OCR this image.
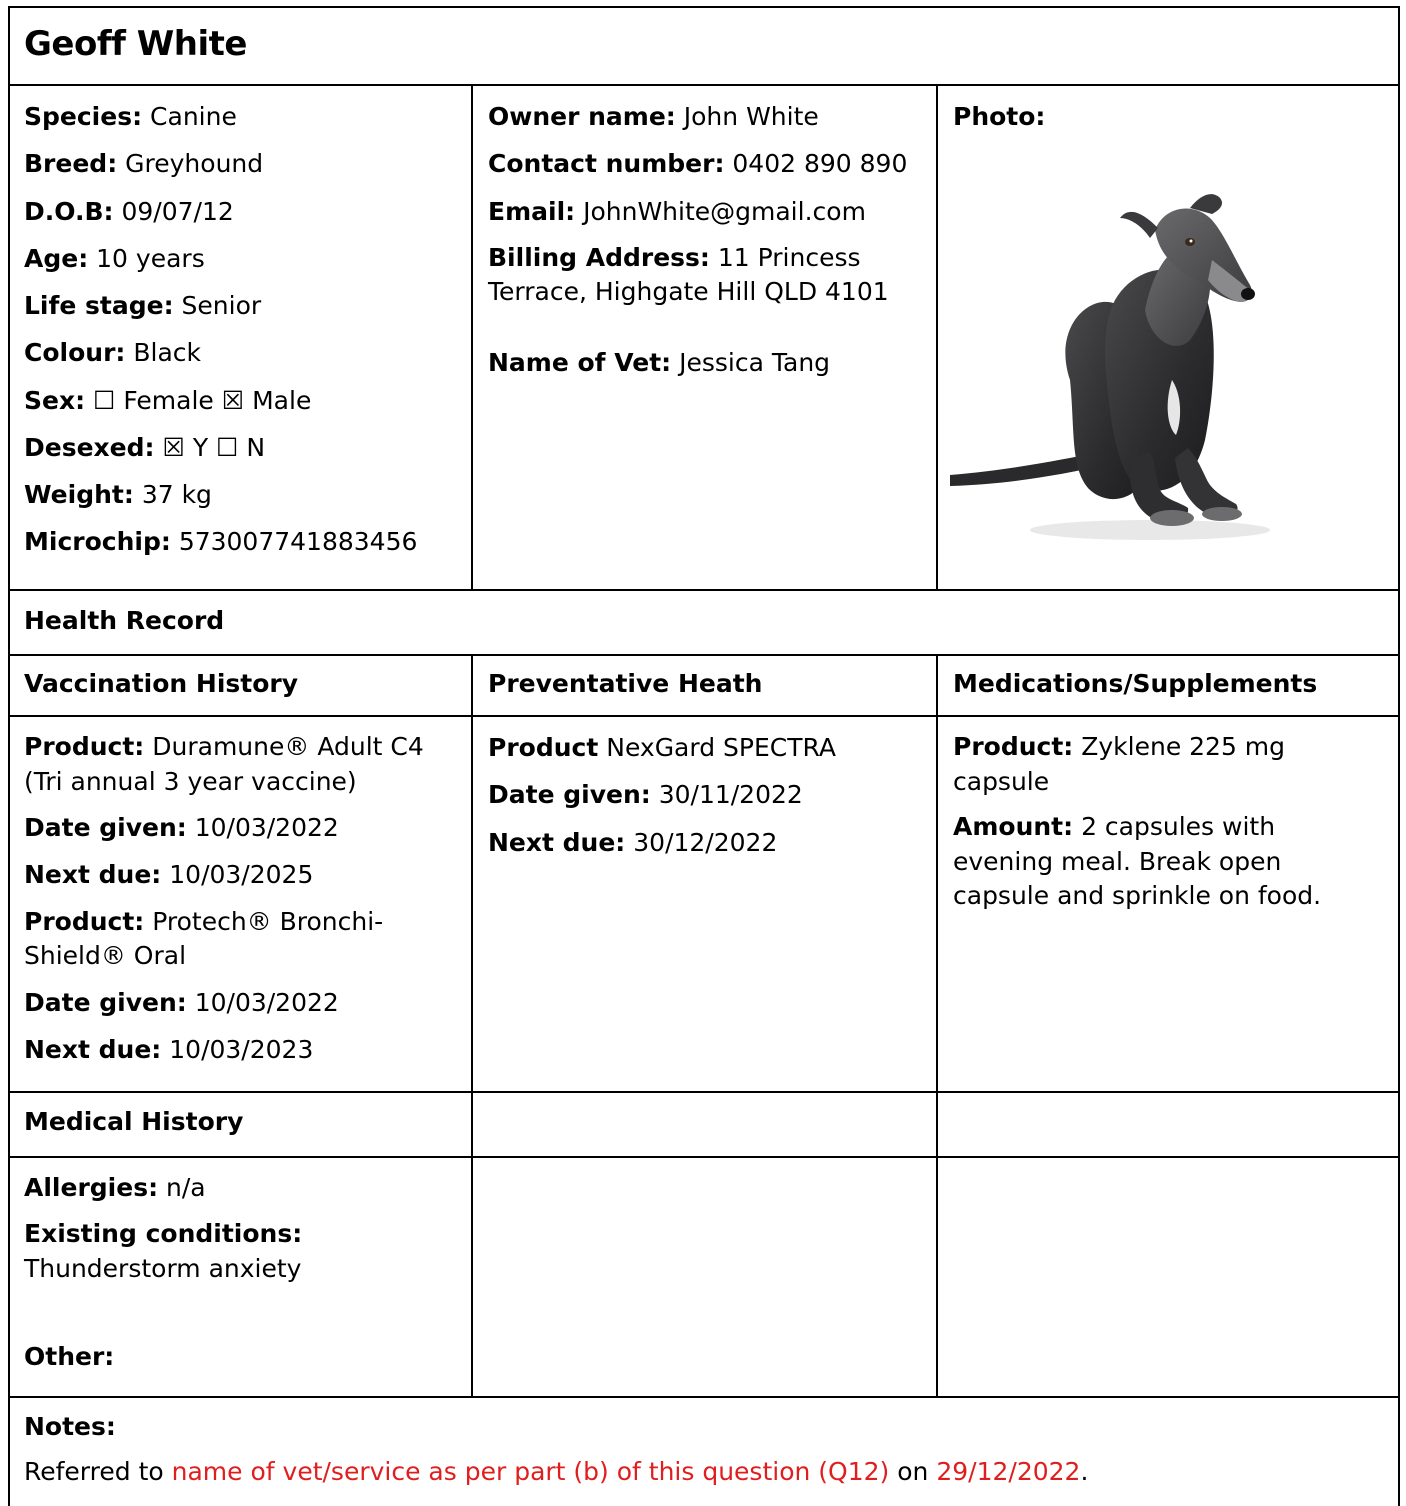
Geoff White

Species: Canine

Breed: Greyhound

D.O.B: 09/07/12

Age: 10 years

Life stage: Senior

Colour: Black

Sex: ☐ Female ☒ Male

Desexed: ☒ Y ☐ N

Weight: 37 kg

Microchip: 573007741883456

Owner name: John White

Contact number: 0402 890 890

Email: JohnWhite@gmail.com

Billing Address: 11 Princess Terrace, Highgate Hill QLD 4101

Name of Vet: Jessica Tang

Photo:
Health Record
Vaccination History	Preventative Heath	Medications/Supplements

Product: Duramune® Adult C4 (Tri annual 3 year vaccine)

Date given: 10/03/2022

Next due: 10/03/2025

Product: Protech® Bronchi-Shield® Oral

Date given: 10/03/2022

Next due: 10/03/2023

Product NexGard SPECTRA

Date given: 30/11/2022

Next due: 30/12/2022

Product: Zyklene 225 mg capsule

Amount: 2 capsules with evening meal. Break open capsule and sprinkle on food.

Medical History

Allergies: n/a

Existing conditions:

Thunderstorm anxiety

Other:

Notes:
Referred to name of vet/service as per part (b) of this question (Q12) on 29/12/2022.
